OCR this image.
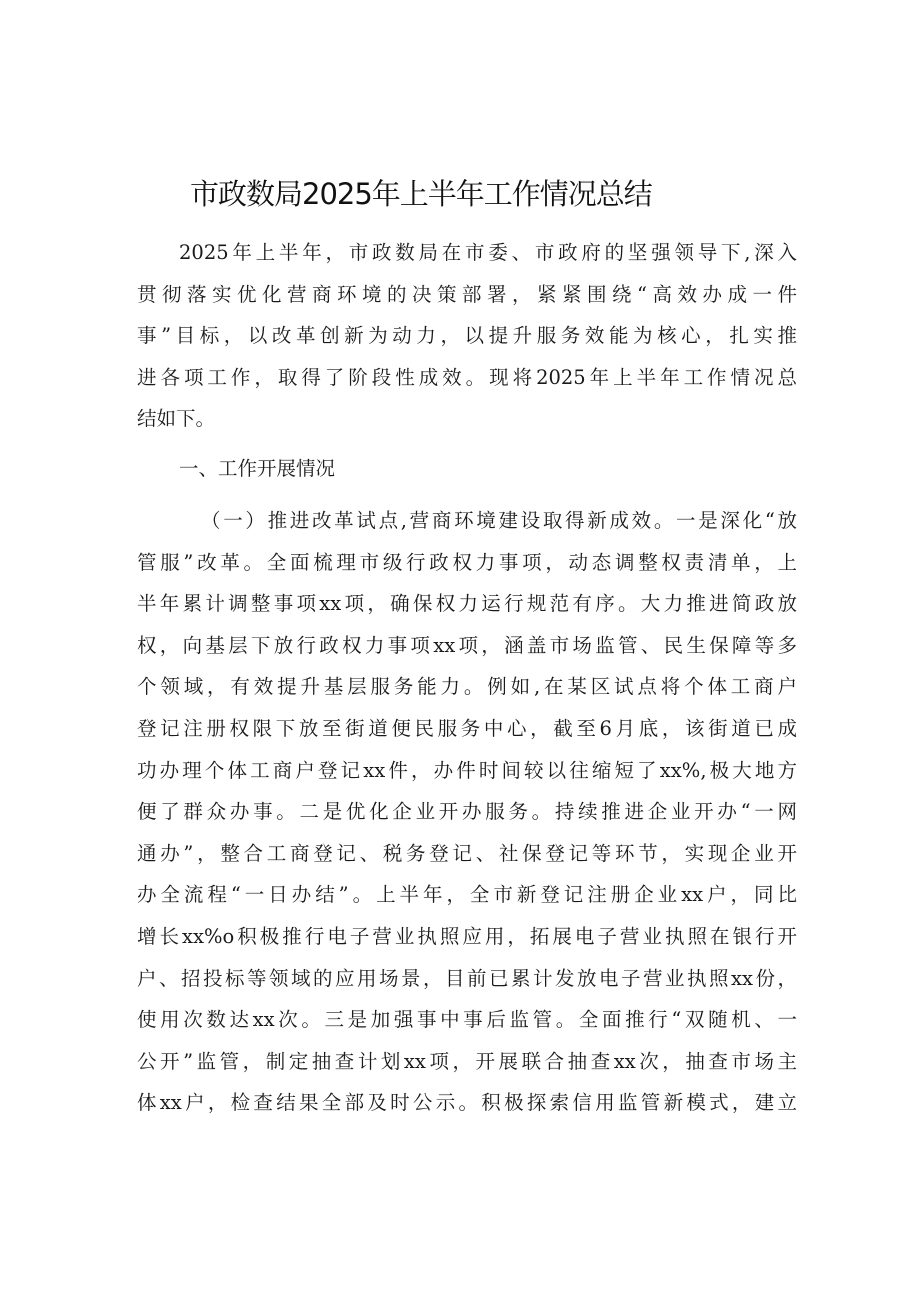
市政数局2025年上半年工作情况总结
2025年上半年，市政数局在市委、市政府的坚强领导下,深入
贯彻落实优化营商环境的决策部署，紧紧围绕“高效办成一件
事”目标，以改革创新为动力，以提升服务效能为核心，扎实推
进各项工作，取得了阶段性成效。现将2025年上半年工作情况总
结如下。
一、工作开展情况
（一）推进改革试点,营商环境建设取得新成效。一是深化“放
管服”改革。全面梳理市级行政权力事项，动态调整权责清单，上
半年累计调整事项xx项，确保权力运行规范有序。大力推进简政放
权，向基层下放行政权力事项xx项，涵盖市场监管、民生保障等多
个领域，有效提升基层服务能力。例如,在某区试点将个体工商户
登记注册权限下放至街道便民服务中心，截至6月底，该街道已成
功办理个体工商户登记xx件，办件时间较以往缩短了xx%,极大地方
便了群众办事。二是优化企业开办服务。持续推进企业开办“一网
通办”，整合工商登记、税务登记、社保登记等环节，实现企业开
办全流程“一日办结”。上半年，全市新登记注册企业xx户，同比
增长xx%o积极推行电子营业执照应用，拓展电子营业执照在银行开
户、招投标等领域的应用场景，目前已累计发放电子营业执照xx份，
使用次数达xx次。三是加强事中事后监管。全面推行“双随机、一
公开”监管，制定抽查计划xx项，开展联合抽查xx次，抽查市场主
体xx户，检查结果全部及时公示。积极探索信用监管新模式，建立
